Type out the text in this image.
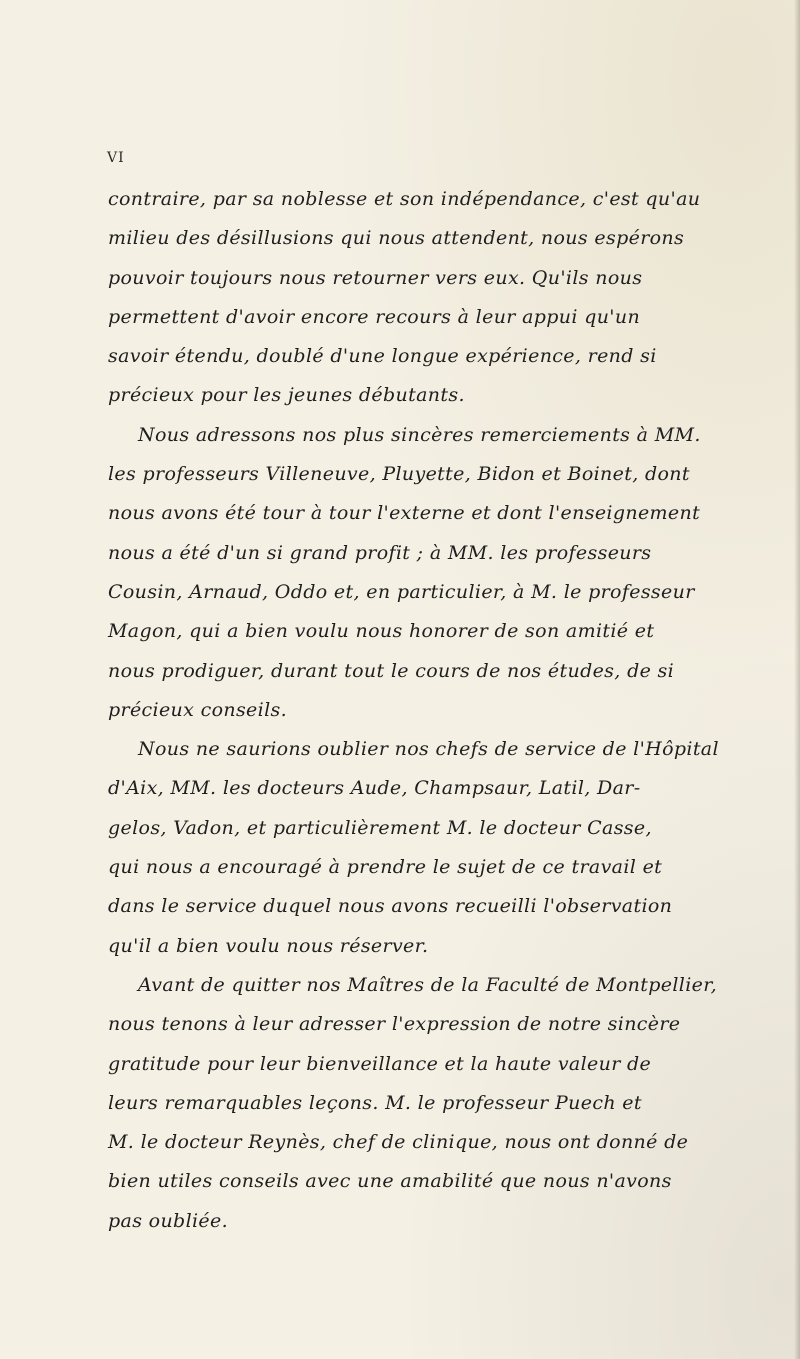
VI
contraire, par sa noblesse et son indépendance, c'est qu'au
milieu des désillusions qui nous attendent, nous espérons
pouvoir toujours nous retourner vers eux. Qu'ils nous
permettent d'avoir encore recours à leur appui qu'un
savoir étendu, doublé d'une longue expérience, rend si
précieux pour les jeunes débutants.
Nous adressons nos plus sincères remerciements à MM.
les professeurs Villeneuve, Pluyette, Bidon et Boinet, dont
nous avons été tour à tour l'externe et dont l'enseignement
nous a été d'un si grand profit ; à MM. les professeurs
Cousin, Arnaud, Oddo et, en particulier, à M. le professeur
Magon, qui a bien voulu nous honorer de son amitié et
nous prodiguer, durant tout le cours de nos études, de si
précieux conseils.
Nous ne saurions oublier nos chefs de service de l'Hôpital
d'Aix, MM. les docteurs Aude, Champsaur, Latil, Dar-
gelos, Vadon, et particulièrement M. le docteur Casse,
qui nous a encouragé à prendre le sujet de ce travail et
dans le service duquel nous avons recueilli l'observation
qu'il a bien voulu nous réserver.
Avant de quitter nos Maîtres de la Faculté de Montpellier,
nous tenons à leur adresser l'expression de notre sincère
gratitude pour leur bienveillance et la haute valeur de
leurs remarquables leçons. M. le professeur Puech et
M. le docteur Reynès, chef de clinique, nous ont donné de
bien utiles conseils avec une amabilité que nous n'avons
pas oubliée.
